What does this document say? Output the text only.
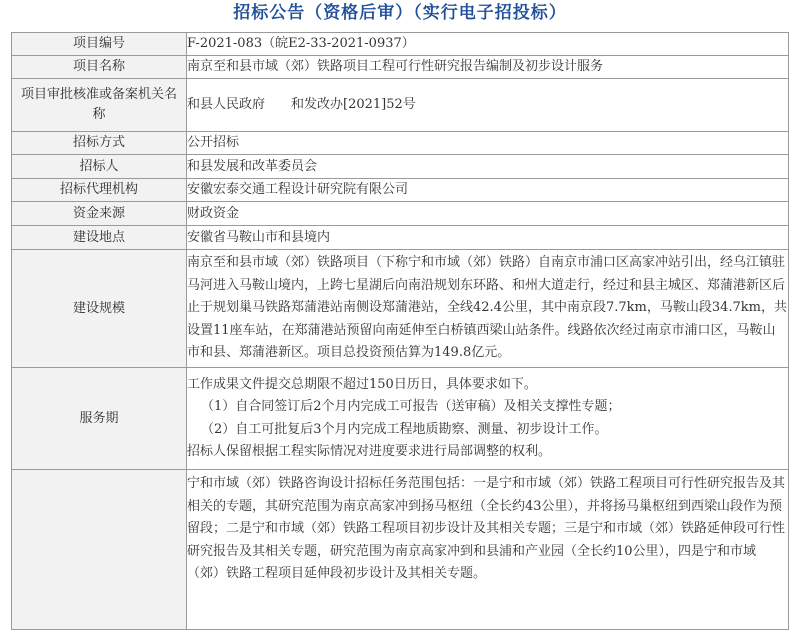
招标公告（资格后审）（实行电子招投标）
项目编号	F-2021-083（皖E2-33-2021-0937）
项目名称	南京至和县市域（郊）铁路项目工程可行性研究报告编制及初步设计服务
项目审批核准或备案机关名称	和县人民政府　　和发改办[2021]52号
招标方式	公开招标
招标人	和县发展和改革委员会
招标代理机构	安徽宏泰交通工程设计研究院有限公司
资金来源	财政资金
建设地点	安徽省马鞍山市和县境内
建设规模	南京至和县市域（郊）铁路项目（下称宁和市域（郊）铁路）自南京市浦口区高家冲站引出，经乌江镇驻马河进入马鞍山境内，上跨七星湖后向南沿规划东环路、和州大道走行，经过和县主城区、郑蒲港新区后止于规划巢马铁路郑蒲港站南侧设郑蒲港站，全线42.4公里，其中南京段7.7km，马鞍山段34.7km，共设置11座车站，在郑蒲港站预留向南延伸至白桥镇西梁山站条件。线路依次经过南京市浦口区，马鞍山市和县、郑蒲港新区。项目总投资预估算为149.8亿元。
服务期	工作成果文件提交总期限不超过150日历日，具体要求如下。
（1）自合同签订后2个月内完成工可报告（送审稿）及相关支撑性专题；
（2）自工可批复后3个月内完成工程地质勘察、测量、初步设计工作。
招标人保留根据工程实际情况对进度要求进行局部调整的权利。

	宁和市域（郊）铁路咨询设计招标任务范围包括：一是宁和市域（郊）铁路工程项目可行性研究报告及其相关的专题，其研究范围为南京高家冲到扬马枢纽（全长约43公里），并将扬马巢枢纽到西梁山段作为预留段；二是宁和市域（郊）铁路工程项目初步设计及其相关专题；三是宁和市域（郊）铁路延伸段可行性研究报告及其相关专题，研究范围为南京高家冲到和县浦和产业园（全长约10公里），四是宁和市域（郊）铁路工程项目延伸段初步设计及其相关专题。
